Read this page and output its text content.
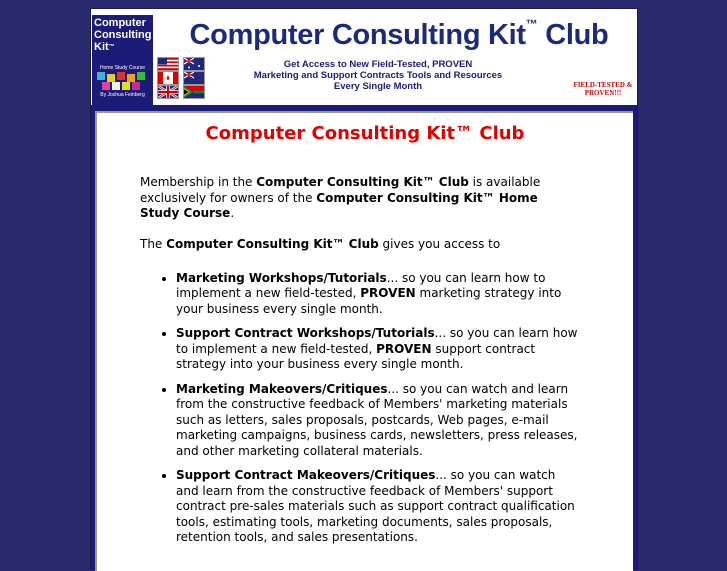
Computer Consulting Kit™
Home Study Course
By Joshua Feinberg
Computer Consulting Kit™ Club
Get Access to New Field-Tested, PROVEN
Marketing and Support Contracts Tools and Resources
Every Single Month	FIELD-TESTED &
PROVEN!!!
Computer Consulting Kit™ Club

Membership in the Computer Consulting Kit™ Club is available exclusively for owners of the Computer Consulting Kit™ Home Study Course.

The Computer Consulting Kit™ Club gives you access to

• Marketing Workshops/Tutorials... so you can learn how to implement a new field-tested, PROVEN marketing strategy into your business every single month.
• Support Contract Workshops/Tutorials... so you can learn how to implement a new field-tested, PROVEN support contract strategy into your business every single month.
• Marketing Makeovers/Critiques... so you can watch and learn from the constructive feedback of Members' marketing materials such as letters, sales proposals, postcards, Web pages, e-mail marketing campaigns, business cards, newsletters, press releases, and other marketing collateral materials.
• Support Contract Makeovers/Critiques... so you can watch and learn from the constructive feedback of Members' support contract pre-sales materials such as support contract qualification tools, estimating tools, marketing documents, sales proposals, retention tools, and sales presentations.
